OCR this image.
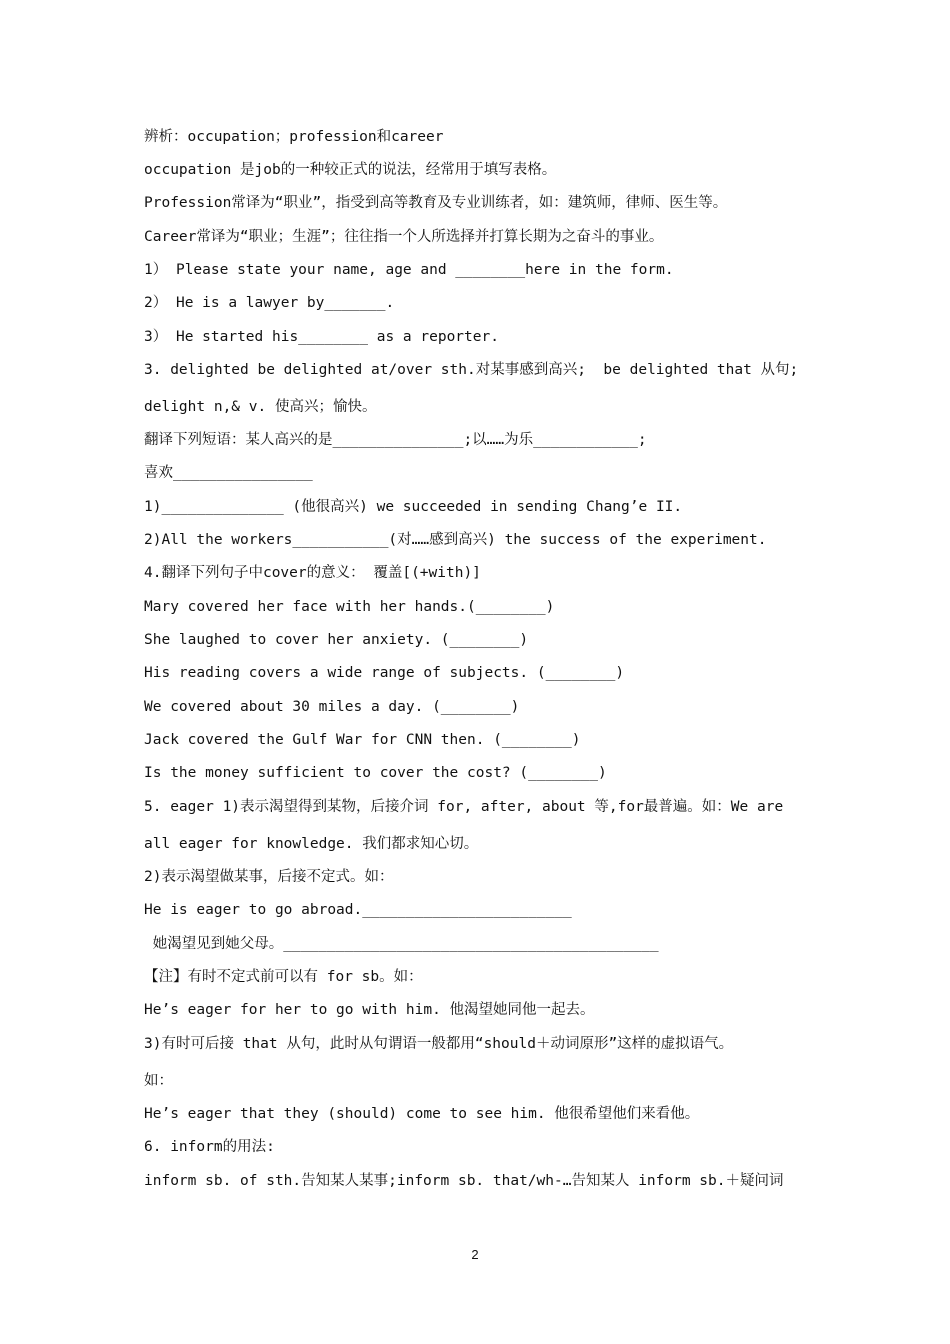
辨析：occupation；profession和career
occupation 是job的一种较正式的说法，经常用于填写表格。
Profession常译为“职业”，指受到高等教育及专业训练者，如：建筑师，律师、医生等。
Career常译为“职业；生涯”；往往指一个人所选择并打算长期为之奋斗的事业。
1） Please state your name, age and ________here in the form.
2） He is a lawyer by_______.
3） He started his________ as a reporter.
3. delighted be delighted at/over sth.对某事感到高兴;  be delighted that 从句;
delight n,& v. 使高兴；愉快。
翻译下列短语：某人高兴的是_______________;以……为乐____________;
喜欢________________
1)______________ (他很高兴) we succeeded in sending Chang’e II.
2)All the workers___________(对……感到高兴) the success of the experiment.
4.翻译下列句子中cover的意义： 覆盖[(+with)]
Mary covered her face with her hands.(________)
She laughed to cover her anxiety. (________)
His reading covers a wide range of subjects. (________)
We covered about 30 miles a day. (________)
Jack covered the Gulf War for CNN then. (________)
Is the money sufficient to cover the cost? (________)
5. eager 1)表示渴望得到某物，后接介词 for, after, about 等,for最普遍。如：We are
all eager for knowledge. 我们都求知心切。
2)表示渴望做某事，后接不定式。如：
He is eager to go abroad.________________________
她渴望见到她父母。___________________________________________
【注】有时不定式前可以有 for sb。如：
He’s eager for her to go with him. 他渴望她同他一起去。
3)有时可后接 that 从句，此时从句谓语一般都用“should＋动词原形”这样的虚拟语气。
如：
He’s eager that they (should) come to see him. 他很希望他们来看他。
6. inform的用法:
inform sb. of sth.告知某人某事;inform sb. that/wh-…告知某人 inform sb.＋疑问词
2
